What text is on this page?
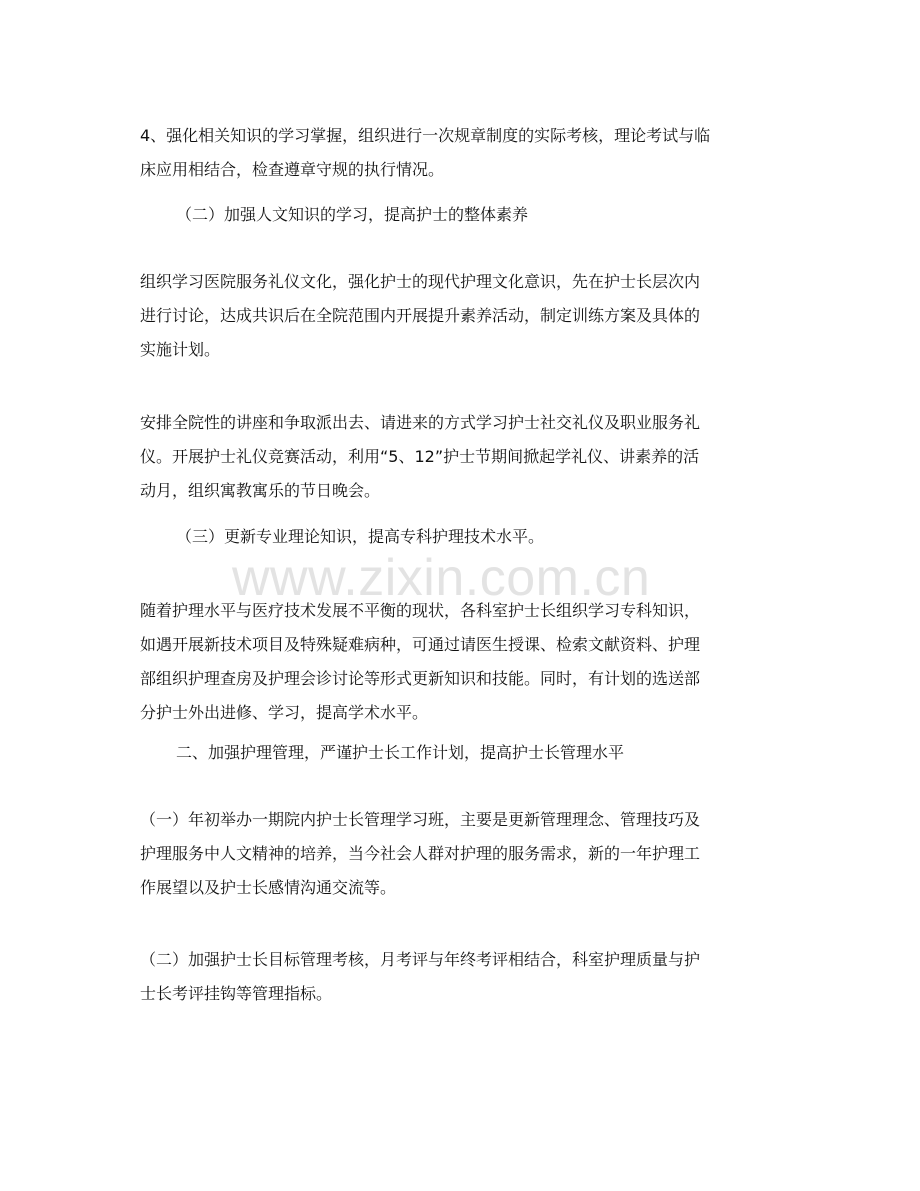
www.zixin.com.cn
4、强化相关知识的学习掌握，组织进行一次规章制度的实际考核，理论考试与临
床应用相结合，检查遵章守规的执行情况。
（二）加强人文知识的学习，提高护士的整体素养
组织学习医院服务礼仪文化，强化护士的现代护理文化意识，先在护士长层次内
进行讨论，达成共识后在全院范围内开展提升素养活动，制定训练方案及具体的
实施计划。
安排全院性的讲座和争取派出去、请进来的方式学习护士社交礼仪及职业服务礼
仪。开展护士礼仪竞赛活动，利用“5、12”护士节期间掀起学礼仪、讲素养的活
动月，组织寓教寓乐的节日晚会。
（三）更新专业理论知识，提高专科护理技术水平。
随着护理水平与医疗技术发展不平衡的现状，各科室护士长组织学习专科知识，
如遇开展新技术项目及特殊疑难病种，可通过请医生授课、检索文献资料、护理
部组织护理查房及护理会诊讨论等形式更新知识和技能。同时，有计划的选送部
分护士外出进修、学习，提高学术水平。
二、加强护理管理，严谨护士长工作计划，提高护士长管理水平
（一）年初举办一期院内护士长管理学习班，主要是更新管理理念、管理技巧及
护理服务中人文精神的培养，当今社会人群对护理的服务需求，新的一年护理工
作展望以及护士长感情沟通交流等。
（二）加强护士长目标管理考核，月考评与年终考评相结合，科室护理质量与护
士长考评挂钩等管理指标。
